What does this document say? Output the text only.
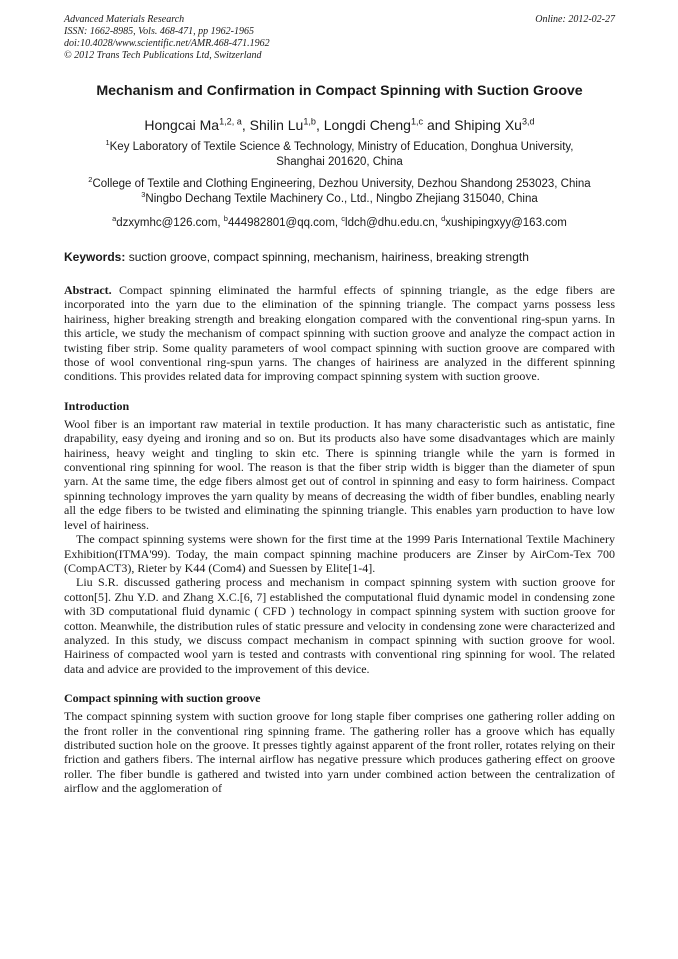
Advanced Materials Research	Online: 2012-02-27
ISSN: 1662-8985, Vols. 468-471, pp 1962-1965
doi:10.4028/www.scientific.net/AMR.468-471.1962
© 2012 Trans Tech Publications Ltd, Switzerland
Mechanism and Confirmation in Compact Spinning with Suction Groove
Hongcai Ma$^{1,2, a}$, Shilin Lu$^{1,b}$, Longdi Cheng$^{1,c}$ and Shiping Xu$^{3,d}$
$^1$Key Laboratory of Textile Science & Technology, Ministry of Education, Donghua University,
Shanghai 201620, China
$^2$College of Textile and Clothing Engineering, Dezhou University, Dezhou Shandong 253023, China
$^3$Ningbo Dechang Textile Machinery Co., Ltd., Ningbo Zhejiang 315040, China
$^a$dzxymhc@126.com, $^b$444982801@qq.com, $^c$ldch@dhu.edu.cn, $^d$xushipingxyy@163.com
Keywords: suction groove, compact spinning, mechanism, hairiness, breaking strength

Abstract. Compact spinning eliminated the harmful effects of spinning triangle, as the edge fibers are incorporated into the yarn due to the elimination of the spinning triangle. The compact yarns possess less hairiness, higher breaking strength and breaking elongation compared with the conventional ring-spun yarns. In this article, we study the mechanism of compact spinning with suction groove and analyze the compact action in twisting fiber strip. Some quality parameters of wool compact spinning with suction groove are compared with those of wool conventional ring-spun yarns. The changes of hairiness are analyzed in the different spinning conditions. This provides related data for improving compact spinning system with suction groove.

Introduction

Wool fiber is an important raw material in textile production. It has many characteristic such as antistatic, fine drapability, easy dyeing and ironing and so on. But its products also have some disadvantages which are mainly hairiness, heavy weight and tingling to skin etc. There is spinning triangle while the yarn is formed in conventional ring spinning for wool. The reason is that the fiber strip width is bigger than the diameter of spun yarn. At the same time, the edge fibers almost get out of control in spinning and easy to form hairiness. Compact spinning technology improves the yarn quality by means of decreasing the width of fiber bundles, enabling nearly all the edge fibers to be twisted and eliminating the spinning triangle. This enables yarn production to have low level of hairiness.

The compact spinning systems were shown for the first time at the 1999 Paris International Textile Machinery Exhibition(ITMA'99). Today, the main compact spinning machine producers are Zinser by AirCom-Tex 700 (CompACT3), Rieter by K44 (Com4) and Suessen by Elite[1-4].

Liu S.R. discussed gathering process and mechanism in compact spinning system with suction groove for cotton[5]. Zhu Y.D. and Zhang X.C.[6, 7] established the computational fluid dynamic model in condensing zone with 3D computational fluid dynamic ( CFD ) technology in compact spinning system with suction groove for cotton. Meanwhile, the distribution rules of static pressure and velocity in condensing zone were characterized and analyzed. In this study, we discuss compact mechanism in compact spinning with suction groove for wool. Hairiness of compacted wool yarn is tested and contrasts with conventional ring spinning for wool. The related data and advice are provided to the improvement of this device.

Compact spinning with suction groove

The compact spinning system with suction groove for long staple fiber comprises one gathering roller adding on the front roller in the conventional ring spinning frame. The gathering roller has a groove which has equally distributed suction hole on the groove. It presses tightly against apparent of the front roller, rotates relying on their friction and gathers fibers. The internal airflow has negative pressure which produces gathering effect on groove roller. The fiber bundle is gathered and twisted into yarn under combined action between the centralization of airflow and the agglomeration of
